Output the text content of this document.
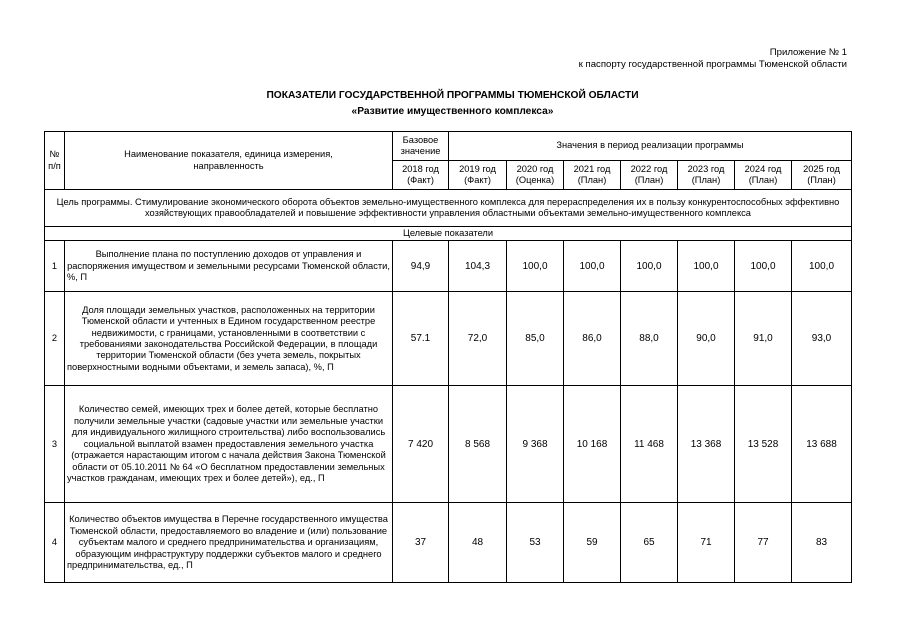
Приложение № 1
к паспорту государственной программы Тюменской области
ПОКАЗАТЕЛИ ГОСУДАРСТВЕННОЙ ПРОГРАММЫ ТЮМЕНСКОЙ ОБЛАСТИ
«Развитие имущественного комплекса»
№ п/п	Наименование показателя, единица измерения, направленность	Базовое значение	Значения в период реализации программы						
		2018 год (Факт)	2019 год (Факт)	2020 год (Оценка)	2021 год (План)	2022 год (План)	2023 год (План)	2024 год (План)	2025 год (План)
Цель программы. Стимулирование экономического оборота объектов земельно-имущественного комплекса для перераспределения их в пользу конкурентоспособных эффективно хозяйствующих правообладателей и повышение эффективности управления областными объектами земельно-имущественного комплекса									
Целевые показатели									
1	Выполнение плана по поступлению доходов от управления и распоряжения имуществом и земельными ресурсами Тюменской области, %, П	94,9	104,3	100,0	100,0	100,0	100,0	100,0	100,0
2	Доля площади земельных участков, расположенных на территории Тюменской области и учтенных в Едином государственном реестре недвижимости, с границами, установленными в соответствии с требованиями законодательства Российской Федерации, в площади территории Тюменской области (без учета земель, покрытых поверхностными водными объектами, и земель запаса), %, П	57.1	72,0	85,0	86,0	88,0	90,0	91,0	93,0
3	Количество семей, имеющих трех и более детей, которые бесплатно получили земельные участки (садовые участки или земельные участки для индивидуального жилищного строительства) либо воспользовались социальной выплатой взамен предоставления земельного участка (отражается нарастающим итогом с начала действия Закона Тюменской области от 05.10.2011 № 64 «О бесплатном предоставлении земельных участков гражданам, имеющих трех и более детей»), ед., П	7 420	8 568	9 368	10 168	11 468	13 368	13 528	13 688
4	Количество объектов имущества в Перечне государственного имущества Тюменской области, предоставляемого во владение и (или) пользование субъектам малого и среднего предпринимательства и организациям, образующим инфраструктуру поддержки субъектов малого и среднего предпринимательства, ед., П	37	48	53	59	65	71	77	83
